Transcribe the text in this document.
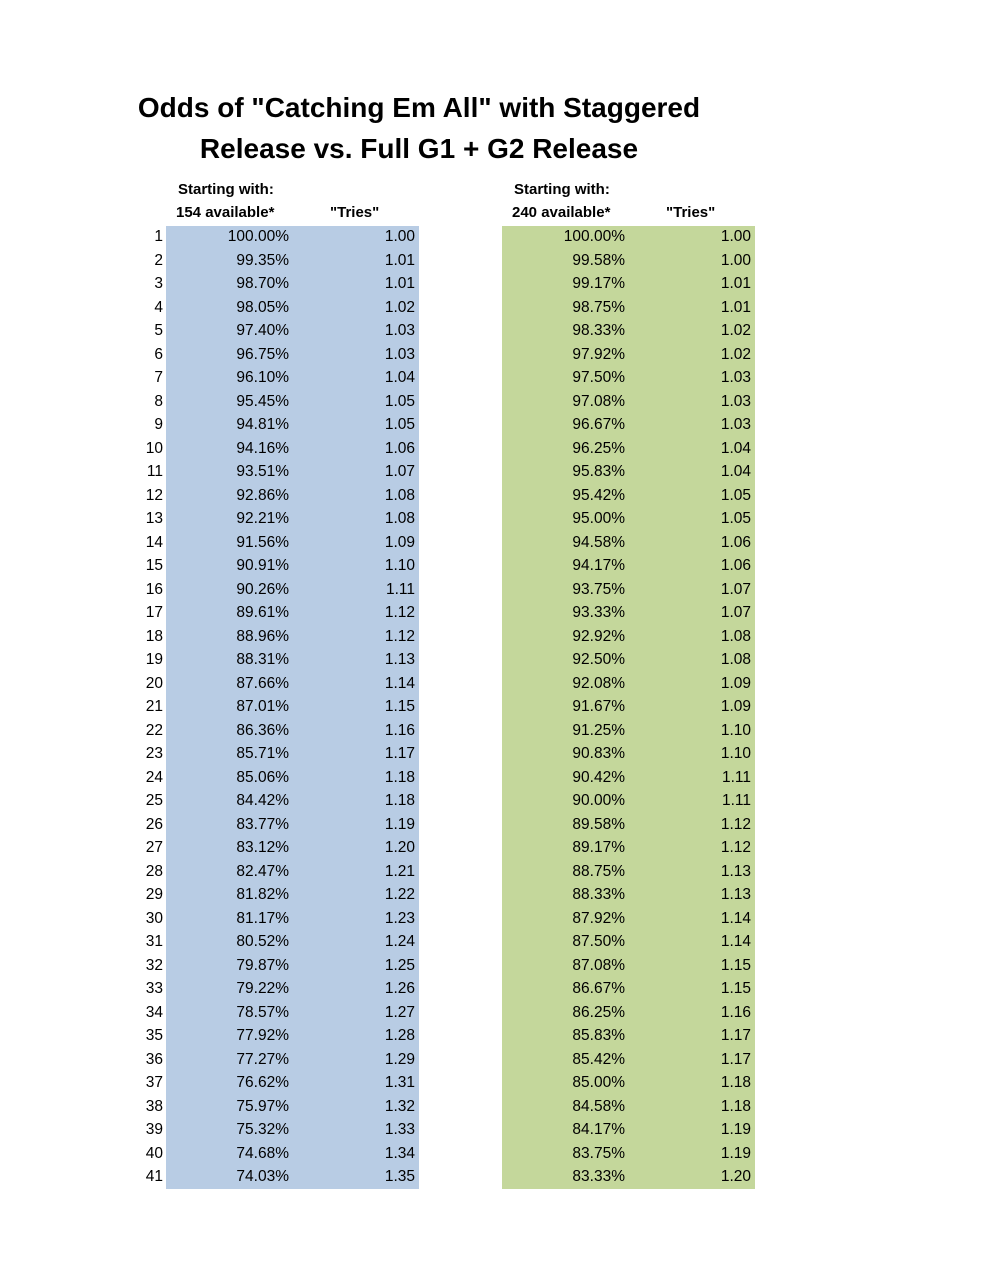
Odds of "Catching Em All" with Staggered
Release vs. Full G1 + G2 Release
Starting with:
154 available*	"Tries"
Starting with:
240 available*	"Tries"
1	100.00%	1.00	100.00%	1.00
2	99.35%	1.01	99.58%	1.00
3	98.70%	1.01	99.17%	1.01
4	98.05%	1.02	98.75%	1.01
5	97.40%	1.03	98.33%	1.02
6	96.75%	1.03	97.92%	1.02
7	96.10%	1.04	97.50%	1.03
8	95.45%	1.05	97.08%	1.03
9	94.81%	1.05	96.67%	1.03
10	94.16%	1.06	96.25%	1.04
11	93.51%	1.07	95.83%	1.04
12	92.86%	1.08	95.42%	1.05
13	92.21%	1.08	95.00%	1.05
14	91.56%	1.09	94.58%	1.06
15	90.91%	1.10	94.17%	1.06
16	90.26%	1.11	93.75%	1.07
17	89.61%	1.12	93.33%	1.07
18	88.96%	1.12	92.92%	1.08
19	88.31%	1.13	92.50%	1.08
20	87.66%	1.14	92.08%	1.09
21	87.01%	1.15	91.67%	1.09
22	86.36%	1.16	91.25%	1.10
23	85.71%	1.17	90.83%	1.10
24	85.06%	1.18	90.42%	1.11
25	84.42%	1.18	90.00%	1.11
26	83.77%	1.19	89.58%	1.12
27	83.12%	1.20	89.17%	1.12
28	82.47%	1.21	88.75%	1.13
29	81.82%	1.22	88.33%	1.13
30	81.17%	1.23	87.92%	1.14
31	80.52%	1.24	87.50%	1.14
32	79.87%	1.25	87.08%	1.15
33	79.22%	1.26	86.67%	1.15
34	78.57%	1.27	86.25%	1.16
35	77.92%	1.28	85.83%	1.17
36	77.27%	1.29	85.42%	1.17
37	76.62%	1.31	85.00%	1.18
38	75.97%	1.32	84.58%	1.18
39	75.32%	1.33	84.17%	1.19
40	74.68%	1.34	83.75%	1.19
41	74.03%	1.35	83.33%	1.20
